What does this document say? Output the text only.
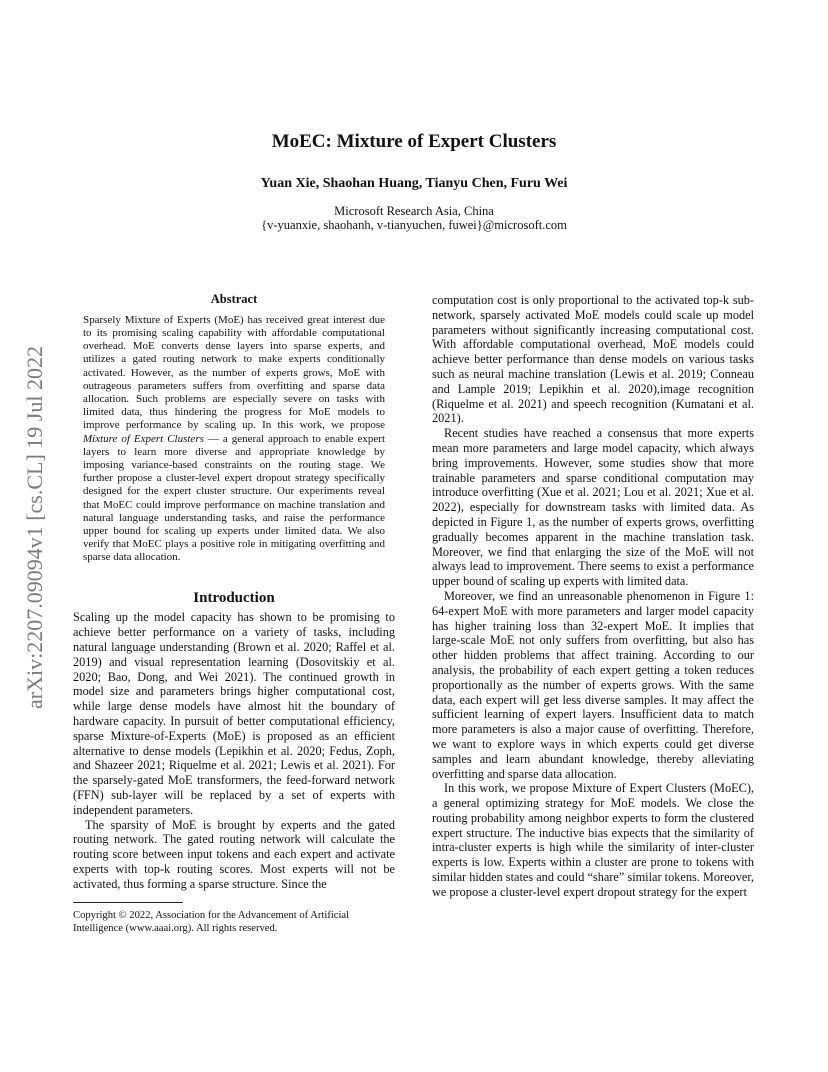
arXiv:2207.09094v1 [cs.CL] 19 Jul 2022
MoEC: Mixture of Expert Clusters
Yuan Xie, Shaohan Huang, Tianyu Chen, Furu Wei
Microsoft Research Asia, China
{v-yuanxie, shaohanh, v-tianyuchen, fuwei}@microsoft.com
Abstract

Sparsely Mixture of Experts (MoE) has received great interest due to its promising scaling capability with affordable computational overhead. MoE converts dense layers into sparse experts, and utilizes a gated routing network to make experts conditionally activated. However, as the number of experts grows, MoE with outrageous parameters suffers from overfitting and sparse data allocation. Such problems are especially severe on tasks with limited data, thus hindering the progress for MoE models to improve performance by scaling up. In this work, we propose Mixture of Expert Clusters — a general approach to enable expert layers to learn more diverse and appropriate knowledge by imposing variance-based constraints on the routing stage. We further propose a cluster-level expert dropout strategy specifically designed for the expert cluster structure. Our experiments reveal that MoEC could improve performance on machine translation and natural language understanding tasks, and raise the performance upper bound for scaling up experts under limited data. We also verify that MoEC plays a positive role in mitigating overfitting and sparse data allocation.

Introduction

Scaling up the model capacity has shown to be promising to achieve better performance on a variety of tasks, including natural language understanding (Brown et al. 2020; Raffel et al. 2019) and visual representation learning (Dosovitskiy et al. 2020; Bao, Dong, and Wei 2021). The continued growth in model size and parameters brings higher computational cost, while large dense models have almost hit the boundary of hardware capacity. In pursuit of better computational efficiency, sparse Mixture-of-Experts (MoE) is proposed as an efficient alternative to dense models (Lepikhin et al. 2020; Fedus, Zoph, and Shazeer 2021; Riquelme et al. 2021; Lewis et al. 2021). For the sparsely-gated MoE transformers, the feed-forward network (FFN) sub-layer will be replaced by a set of experts with independent parameters.

The sparsity of MoE is brought by experts and the gated routing network. The gated routing network will calculate the routing score between input tokens and each expert and activate experts with top-k routing scores. Most experts will not be activated, thus forming a sparse structure. Since the

Copyright © 2022, Association for the Advancement of Artificial Intelligence (www.aaai.org). All rights reserved.

computation cost is only proportional to the activated top-k sub-network, sparsely activated MoE models could scale up model parameters without significantly increasing computational cost. With affordable computational overhead, MoE models could achieve better performance than dense models on various tasks such as neural machine translation (Lewis et al. 2019; Conneau and Lample 2019; Lepikhin et al. 2020),image recognition (Riquelme et al. 2021) and speech recognition (Kumatani et al. 2021).

Recent studies have reached a consensus that more experts mean more parameters and large model capacity, which always bring improvements. However, some studies show that more trainable parameters and sparse conditional computation may introduce overfitting (Xue et al. 2021; Lou et al. 2021; Xue et al. 2022), especially for downstream tasks with limited data. As depicted in Figure 1, as the number of experts grows, overfitting gradually becomes apparent in the machine translation task. Moreover, we find that enlarging the size of the MoE will not always lead to improvement. There seems to exist a performance upper bound of scaling up experts with limited data.

Moreover, we find an unreasonable phenomenon in Figure 1: 64-expert MoE with more parameters and larger model capacity has higher training loss than 32-expert MoE. It implies that large-scale MoE not only suffers from overfitting, but also has other hidden problems that affect training. According to our analysis, the probability of each expert getting a token reduces proportionally as the number of experts grows. With the same data, each expert will get less diverse samples. It may affect the sufficient learning of expert layers. Insufficient data to match more parameters is also a major cause of overfitting. Therefore, we want to explore ways in which experts could get diverse samples and learn abundant knowledge, thereby alleviating overfitting and sparse data allocation.

In this work, we propose Mixture of Expert Clusters (MoEC), a general optimizing strategy for MoE models. We close the routing probability among neighbor experts to form the clustered expert structure. The inductive bias expects that the similarity of intra-cluster experts is high while the similarity of inter-cluster experts is low. Experts within a cluster are prone to tokens with similar hidden states and could “share” similar tokens. Moreover, we propose a cluster-level expert dropout strategy for the expert
